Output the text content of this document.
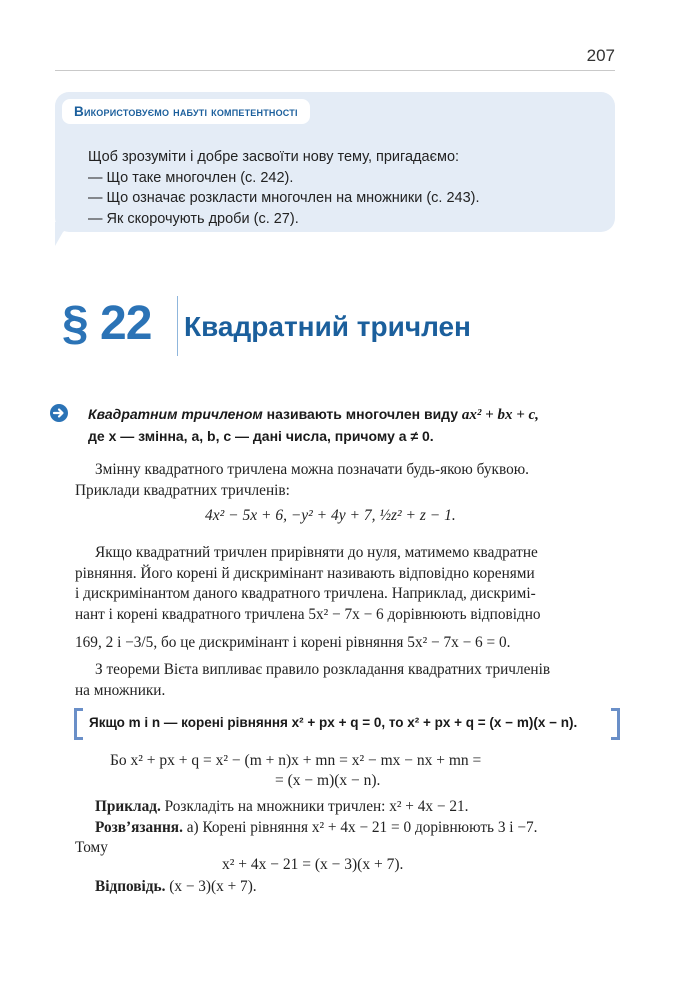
207
Використовуємо набуті компетентності
Щоб зрозуміти і добре засвоїти нову тему, пригадаємо:
— Що таке многочлен (с. 242).
— Що означає розкласти многочлен на множники (с. 243).
— Як скорочують дроби (с. 27).
§ 22 Квадратний тричлен
Квадратним тричленом називають многочлен виду ax² + bx + c,
де x — змінна, a, b, c — дані числа, причому a ≠ 0.
Змінну квадратного тричлена можна позначати будь-якою буквою.
Приклади квадратних тричленів:
4x² − 5x + 6, −y² + 4y + 7, ½z² + z − 1.
Якщо квадратний тричлен прирівняти до нуля, матимемо квадратне
рівняння. Його корені й дискримінант називають відповідно коренями
і дискримінантом даного квадратного тричлена. Наприклад, дискримі-
нант і корені квадратного тричлена 5x² − 7x − 6 дорівнюють відповідно
169, 2 і −3/5, бо це дискримінант і корені рівняння 5x² − 7x − 6 = 0.
З теореми Вієта випливає правило розкладання квадратних тричленів
на множники.
Якщо m і n — корені рівняння x² + px + q = 0, то x² + px + q = (x − m)(x − n).
Бо x² + px + q = x² − (m + n)x + mn = x² − mx − nx + mn =
= (x − m)(x − n).
Приклад. Розкладіть на множники тричлен: x² + 4x − 21.
Розв’язання. а) Корені рівняння x² + 4x − 21 = 0 дорівнюють 3 і −7.
Тому
x² + 4x − 21 = (x − 3)(x + 7).
Відповідь. (x − 3)(x + 7).
